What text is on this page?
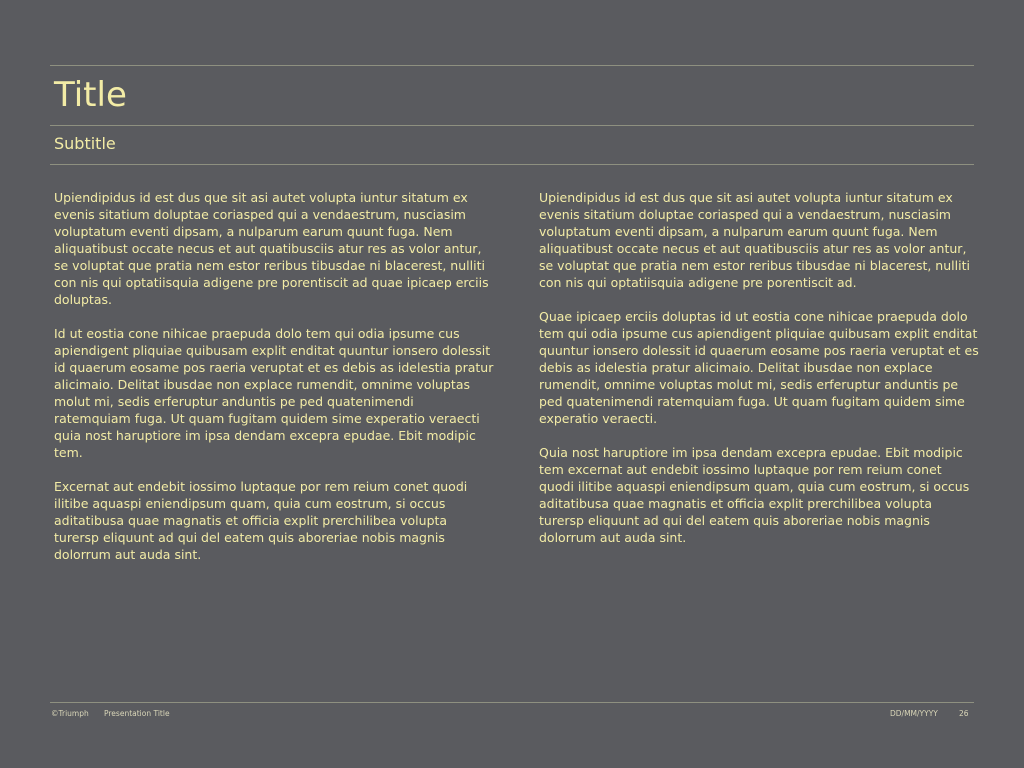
Title
Subtitle

Upiendipidus id est dus que sit asi autet volupta iuntur sitatum ex evenis sitatium doluptae coriasped qui a vendaestrum, nusciasim voluptatum eventi dipsam, a nulparum earum quunt fuga. Nem aliquatibust occate necus et aut quatibusciis atur res as volor antur, se voluptat que pratia nem estor reribus tibusdae ni blacerest, nulliti con nis qui optatiisquia adigene pre porentiscit ad quae ipicaep erciis doluptas.

Id ut eostia cone nihicae praepuda dolo tem qui odia ipsume cus apiendigent pliquiae quibusam explit enditat quuntur ionsero dolessit id quaerum eosame pos raeria veruptat et es debis as idelestia pratur alicimaio. Delitat ibusdae non explace rumendit, omnime voluptas molut mi, sedis erferuptur anduntis pe ped quatenimendi ratemquiam fuga. Ut quam fugitam quidem sime experatio veraecti quia nost haruptiore im ipsa dendam excepra epudae. Ebit modipic tem.

Excernat aut endebit iossimo luptaque por rem reium conet quodi ilitibe aquaspi eniendipsum quam, quia cum eostrum, si occus aditatibusa quae magnatis et officia explit prerchilibea volupta turersp eliquunt ad qui del eatem quis aboreriae nobis magnis dolorrum aut auda sint.

Upiendipidus id est dus que sit asi autet volupta iuntur sitatum ex evenis sitatium doluptae coriasped qui a vendaestrum, nusciasim voluptatum eventi dipsam, a nulparum earum quunt fuga. Nem aliquatibust occate necus et aut quatibusciis atur res as volor antur, se voluptat que pratia nem estor reribus tibusdae ni blacerest, nulliti con nis qui optatiisquia adigene pre porentiscit ad.

Quae ipicaep erciis doluptas id ut eostia cone nihicae praepuda dolo tem qui odia ipsume cus apiendigent pliquiae quibusam explit enditat quuntur ionsero dolessit id quaerum eosame pos raeria veruptat et es debis as idelestia pratur alicimaio. Delitat ibusdae non explace rumendit, omnime voluptas molut mi, sedis erferuptur anduntis pe ped quatenimendi ratemquiam fuga. Ut quam fugitam quidem sime experatio veraecti.

Quia nost haruptiore im ipsa dendam excepra epudae. Ebit modipic tem excernat aut endebit iossimo luptaque por rem reium conet quodi ilitibe aquaspi eniendipsum quam, quia cum eostrum, si occus aditatibusa quae magnatis et officia explit prerchilibea volupta turersp eliquunt ad qui del eatem quis aboreriae nobis magnis dolorrum aut auda sint.

©Triumph Presentation Title	DD/MM/YYYY	26
